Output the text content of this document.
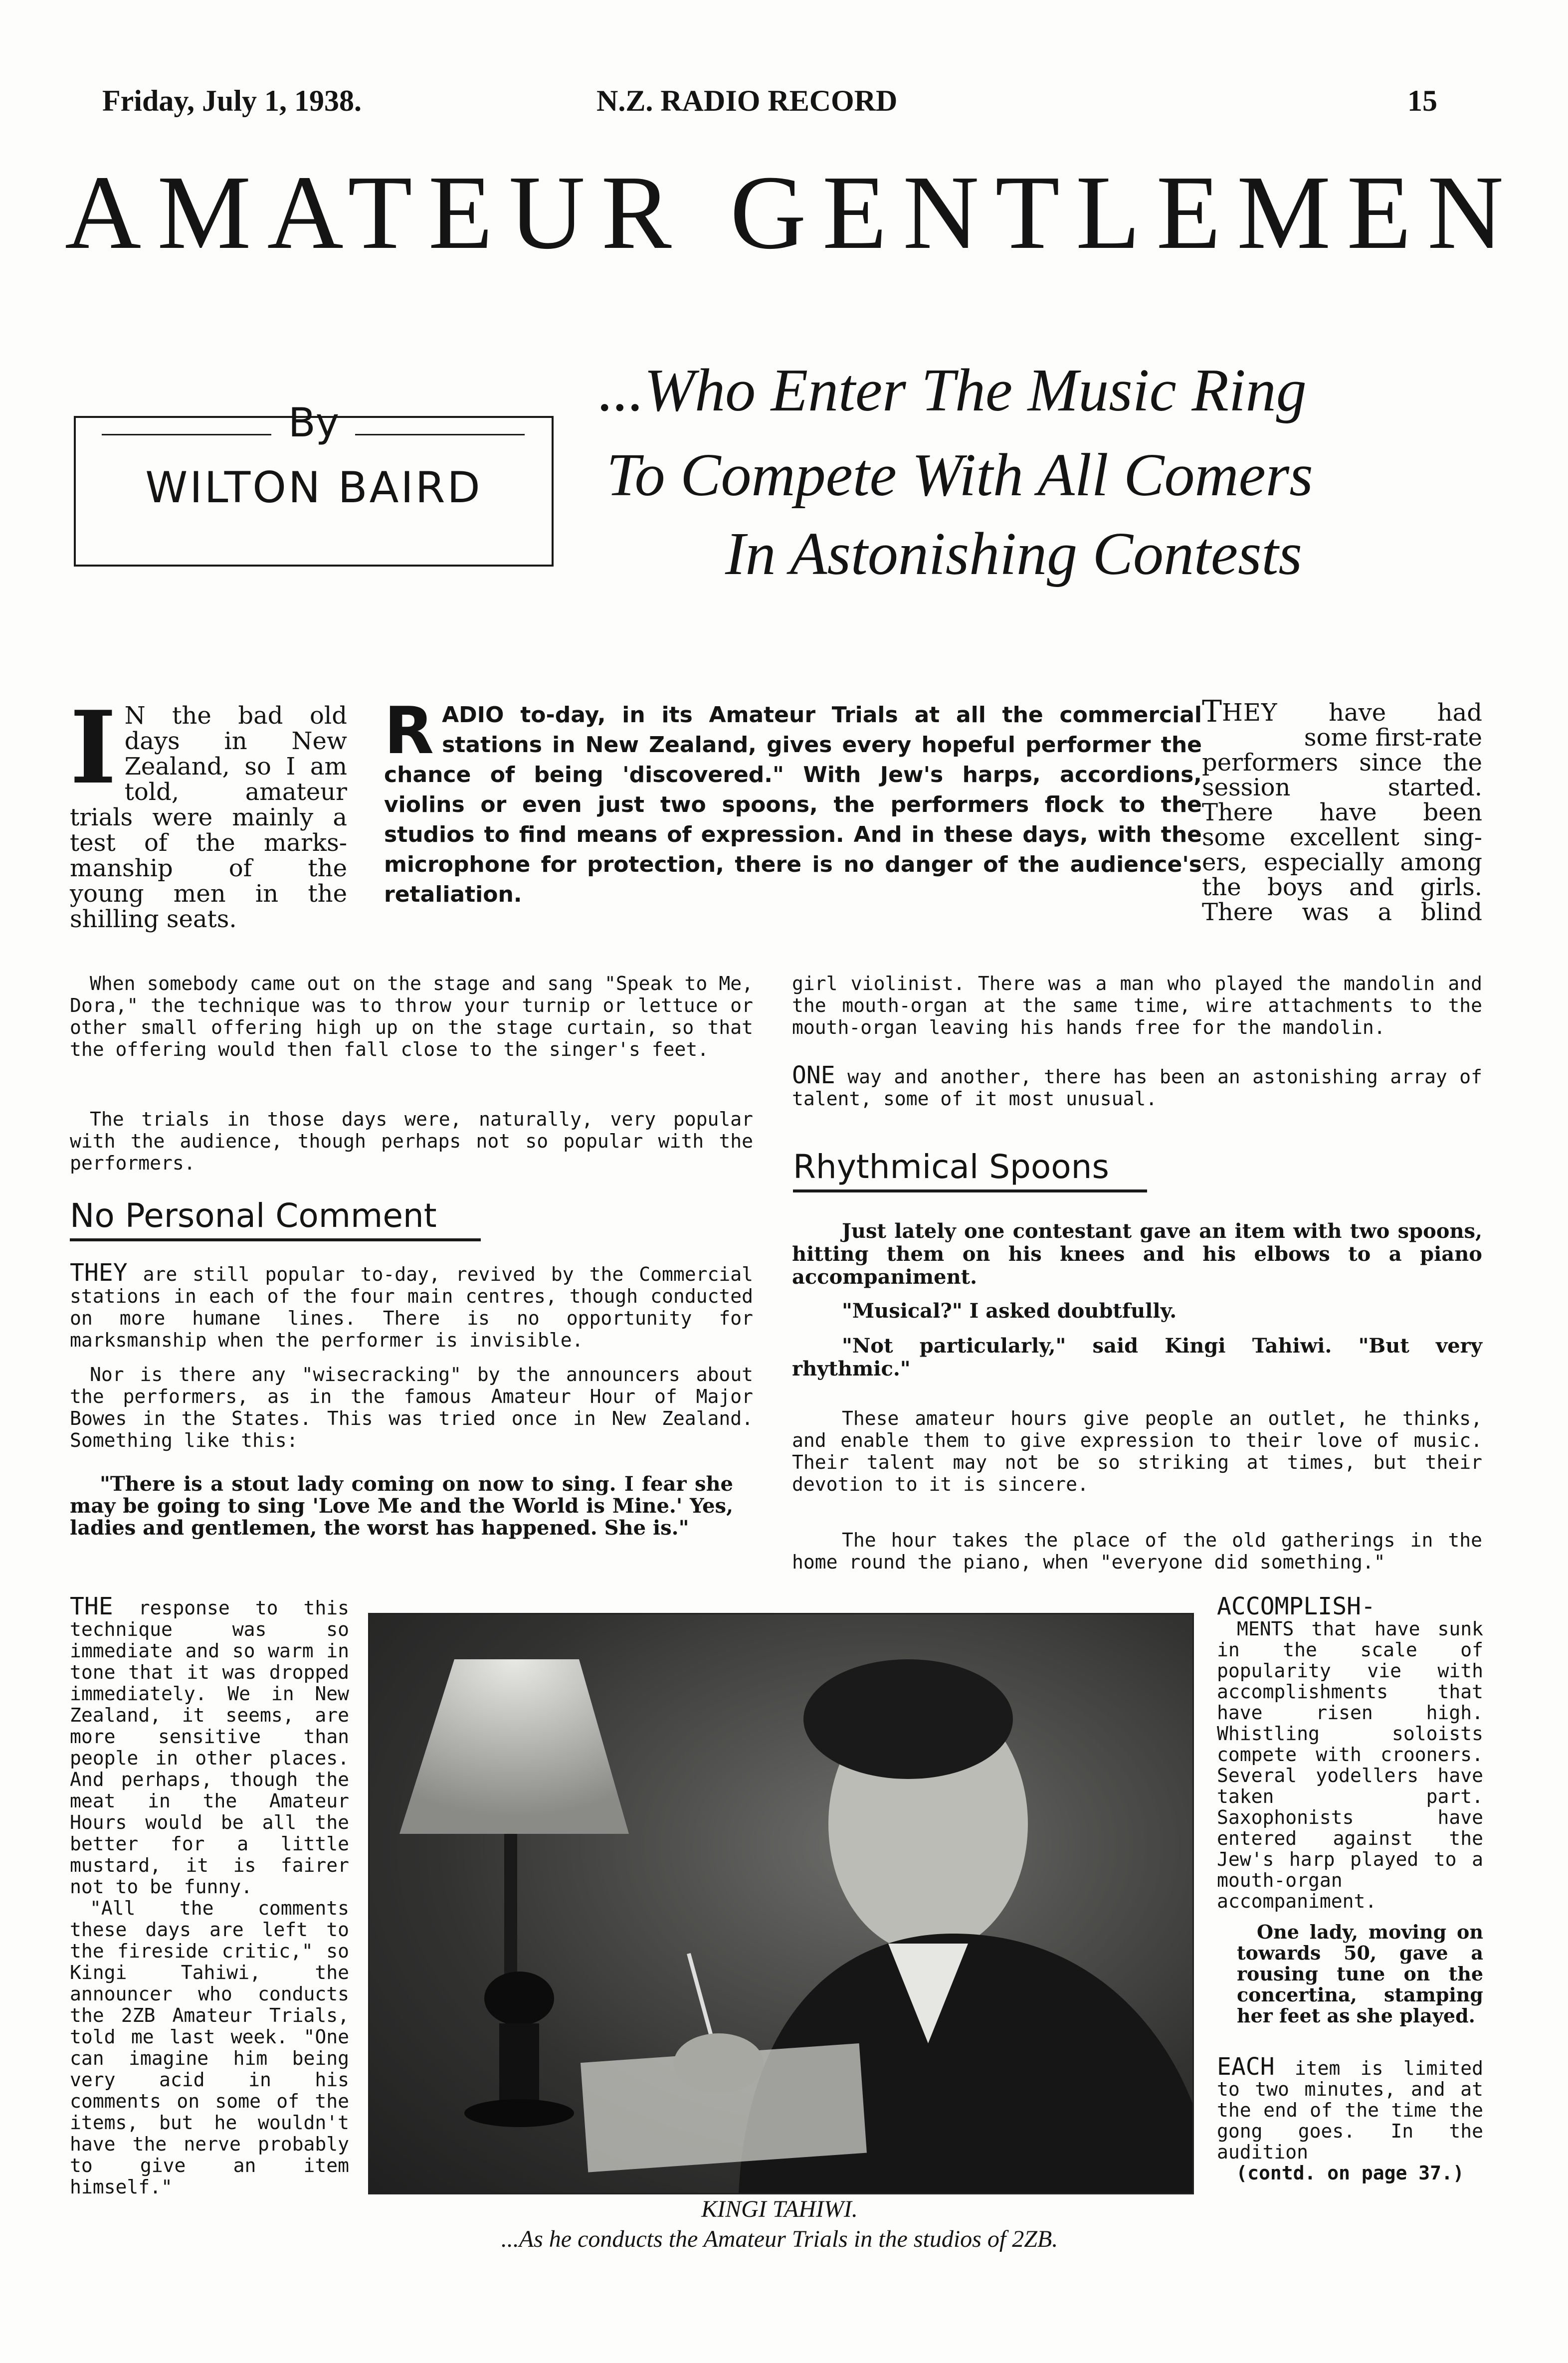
Friday, July 1, 1938.	N.Z. RADIO RECORD	15
AMATEUR GENTLEMEN
By
WILTON BAIRD
...Who Enter The Music Ring
To Compete With All Comers
In Astonishing Contests
I N the bad old

days in New

Zealand, so I am

told, amateur

trials were mainly a

test of the marks-

manship of the

young men in the

shilling seats.

RADIO to-day, in its Amateur Trials at all the commercial stations in New Zealand, gives every hopeful performer the chance of being 'discovered." With Jew's harps, accordions, violins or even just two spoons, the performers flock to the studios to find means of expression. And in these days, with the microphone for protection, there is no danger of the audience's retaliation.

THEY have had

some first-rate

performers since the

session started.

There have been

some excellent sing-

ers, especially among

the boys and girls.

There was a blind

When somebody came out on the stage and sang "Speak to Me, Dora," the technique was to throw your turnip or lettuce or other small offering high up on the stage curtain, so that the offering would then fall close to the singer's feet.

The trials in those days were, naturally, very popular with the audience, though perhaps not so popular with the performers.

girl violinist. There was a man who played the mandolin and the mouth-organ at the same time, wire attachments to the mouth-organ leaving his hands free for the mandolin.

ONE way and another, there has been an astonishing array of talent, some of it most unusual.

No Personal Comment

THEY are still popular to-day, revived by the Commercial stations in each of the four main centres, though conducted on more humane lines. There is no opportunity for marksmanship when the performer is invisible.

Nor is there any "wisecracking" by the announcers about the performers, as in the famous Amateur Hour of Major Bowes in the States. This was tried once in New Zealand. Something like this:

"There is a stout lady coming on now to sing. I fear she may be going to sing 'Love Me and the World is Mine.' Yes, ladies and gentlemen, the worst has happened. She is."

Rhythmical Spoons

Just lately one contestant gave an item with two spoons, hitting them on his knees and his elbows to a piano accompaniment.

"Musical?" I asked doubtfully.

"Not particularly," said Kingi Tahiwi. "But very rhythmic."

These amateur hours give people an outlet, he thinks, and enable them to give expression to their love of music. Their talent may not be so striking at times, but their devotion to it is sincere.

The hour takes the place of the old gatherings in the home round the piano, when "everyone did something."

THE response to this technique was so immediate and so warm in tone that it was dropped immediately. We in New Zealand, it seems, are more sensitive than people in other places. And perhaps, though the meat in the Amateur Hours would be all the better for a little mustard, it is fairer not to be funny.

"All the comments these days are left to the fireside critic," so Kingi Tahiwi, the announcer who conducts the 2ZB Amateur Trials, told me last week. "One can imagine him being very acid in his comments on some of the items, but he wouldn't have the nerve probably to give an item himself."

KINGI TAHIWI.
...As he conducts the Amateur Trials in the studios of 2ZB.

ACCOMPLISH-

MENTS that have sunk in the scale of popularity vie with accomplishments that have risen high. Whistling soloists compete with crooners. Several yodellers have taken part. Saxophonists have entered against the Jew's harp played to a mouth-organ accompaniment.

One lady, moving on towards 50, gave a rousing tune on the concertina, stamping her feet as she played.

EACH item is limited to two minutes, and at the end of the time the gong goes. In the audition

(contd. on page 37.)
